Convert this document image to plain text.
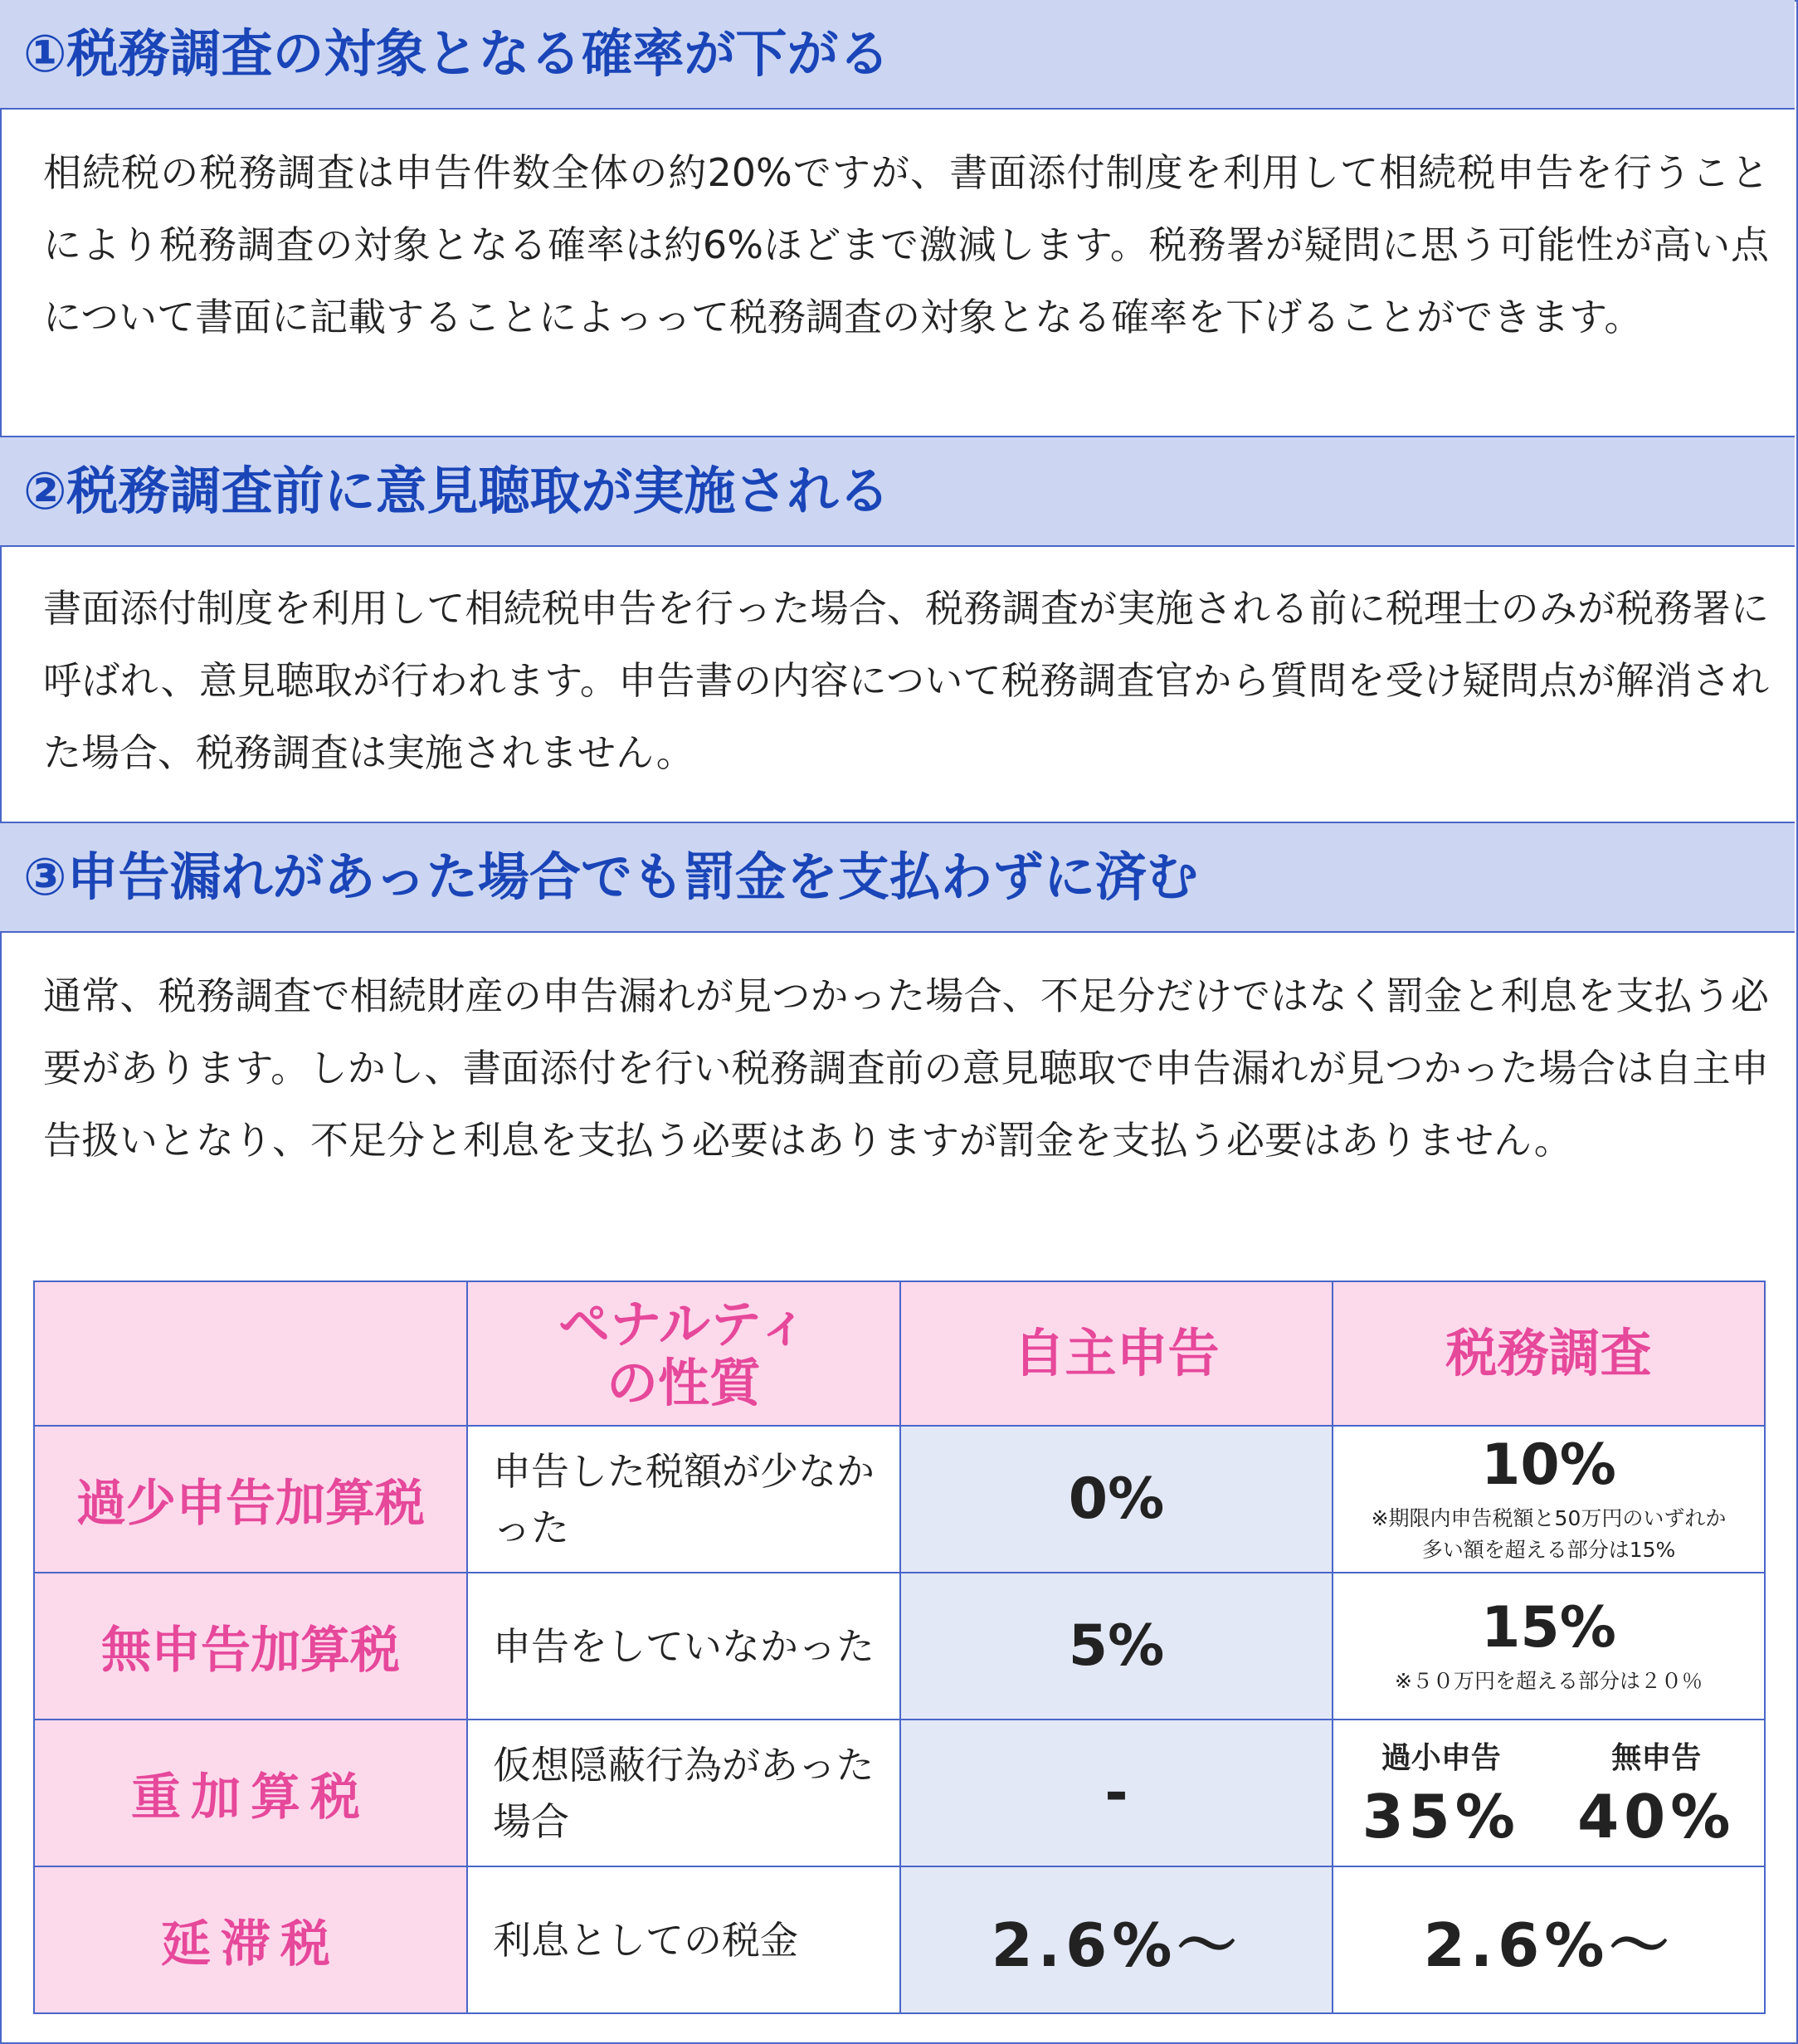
①税務調査の対象となる確率が下がる
相続税の税務調査は申告件数全体の約20%ですが、書面添付制度を利用して相続税申告を行うことにより税務調査の対象となる確率は約6%ほどまで激減します。税務署が疑問に思う可能性が高い点について書面に記載することによっって税務調査の対象となる確率を下げることができます。
②税務調査前に意見聴取が実施される
書面添付制度を利用して相続税申告を行った場合、税務調査が実施される前に税理士のみが税務署に呼ばれ、意見聴取が行われます。申告書の内容について税務調査官から質問を受け疑問点が解消された場合、税務調査は実施されません。
③申告漏れがあった場合でも罰金を支払わずに済む
通常、税務調査で相続財産の申告漏れが見つかった場合、不足分だけではなく罰金と利息を支払う必要があります。しかし、書面添付を行い税務調査前の意見聴取で申告漏れが見つかった場合は自主申告扱いとなり、不足分と利息を支払う必要はありますが罰金を支払う必要はありません。

	ペナルティ
の性質	自主申告	税務調査
過少申告加算税	申告した税額が少なかった	0%	10%
※期限内申告税額と50万円のいずれか
多い額を超える部分は15%

無申告加算税	申告をしていなかった	5%	15%
※５０万円を超える部分は２０％

重加算税	仮想隠蔽行為があった場合	-	過小申告
35%
無申告
40%

延滞税	利息としての税金	2.6%～	2.6%～
